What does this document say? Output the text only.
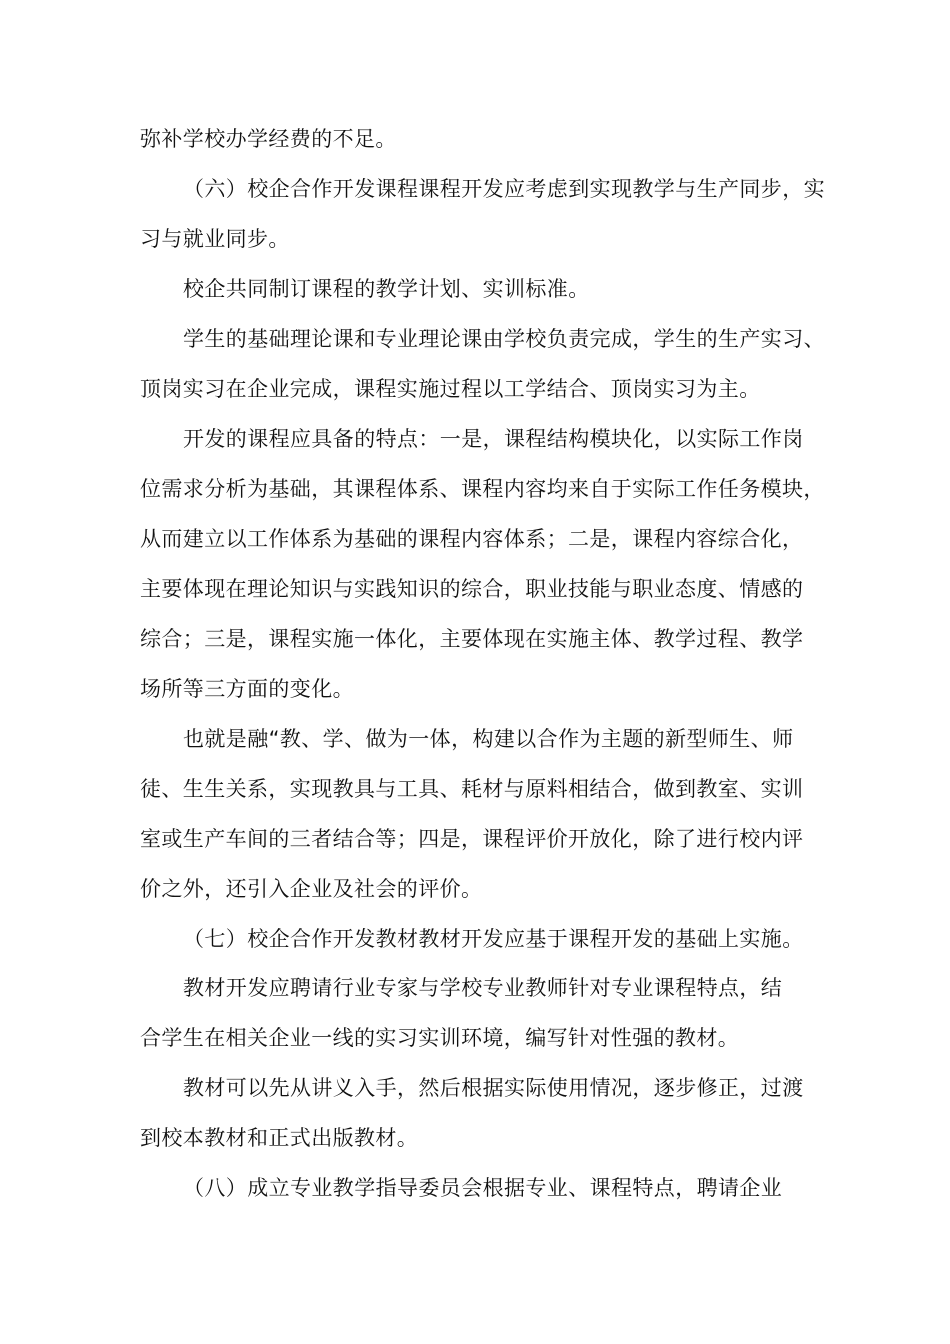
弥补学校办学经费的不足。
（六）校企合作开发课程课程开发应考虑到实现教学与生产同步，实
习与就业同步。
校企共同制订课程的教学计划、实训标准。
学生的基础理论课和专业理论课由学校负责完成，学生的生产实习、
顶岗实习在企业完成，课程实施过程以工学结合、顶岗实习为主。
开发的课程应具备的特点：一是，课程结构模块化，以实际工作岗
位需求分析为基础，其课程体系、课程内容均来自于实际工作任务模块，
从而建立以工作体系为基础的课程内容体系；二是，课程内容综合化，
主要体现在理论知识与实践知识的综合，职业技能与职业态度、情感的
综合；三是，课程实施一体化，主要体现在实施主体、教学过程、教学
场所等三方面的变化。
也就是融“教、学、做为一体，构建以合作为主题的新型师生、师
徒、生生关系，实现教具与工具、耗材与原料相结合，做到教室、实训
室或生产车间的三者结合等；四是，课程评价开放化，除了进行校内评
价之外，还引入企业及社会的评价。
（七）校企合作开发教材教材开发应基于课程开发的基础上实施。
教材开发应聘请行业专家与学校专业教师针对专业课程特点，结
合学生在相关企业一线的实习实训环境，编写针对性强的教材。
教材可以先从讲义入手，然后根据实际使用情况，逐步修正，过渡
到校本教材和正式出版教材。
（八）成立专业教学指导委员会根据专业、课程特点，聘请企业
